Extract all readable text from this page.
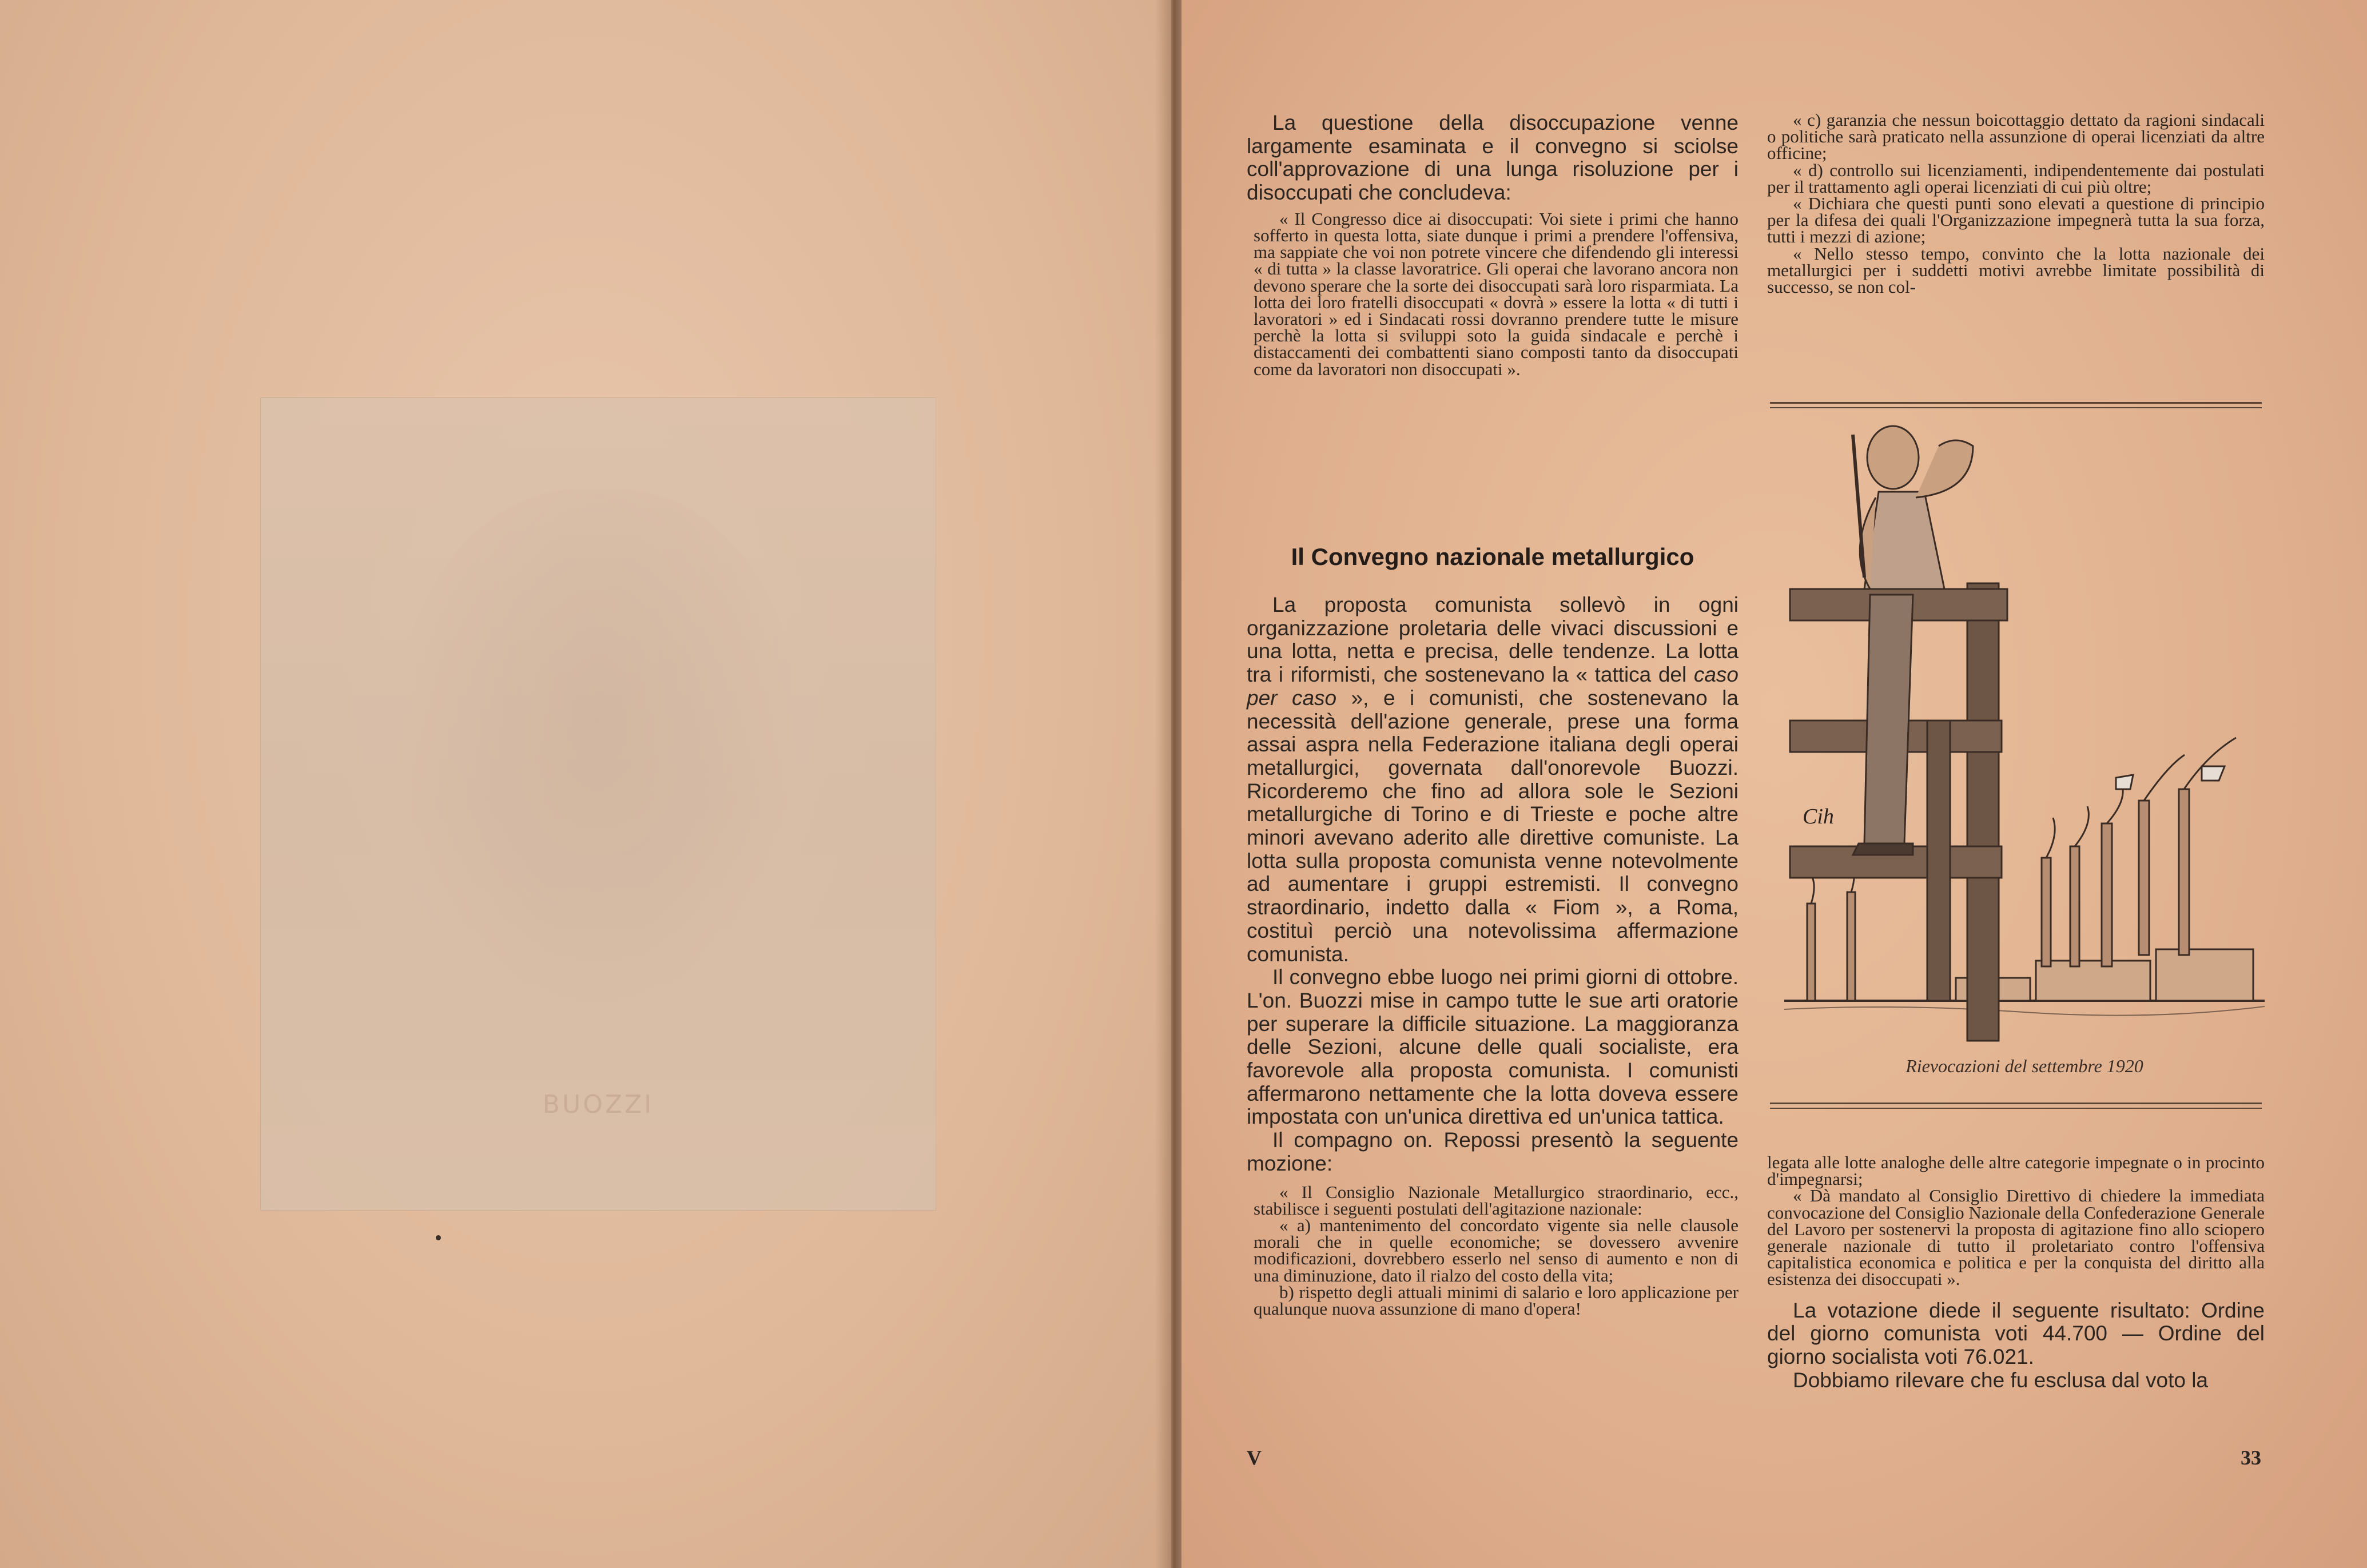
BUOZZI

La questione della disoccupazione venne largamente esaminata e il convegno si sciolse coll'approvazione di una lunga risoluzione per i disoccupati che concludeva:

« Il Congresso dice ai disoccupati: Voi siete i primi che hanno sofferto in questa lotta, siate dunque i primi a prendere l'offensiva, ma sappiate che voi non potrete vincere che difendendo gli interessi « di tutta » la classe lavoratrice. Gli operai che lavorano ancora non devono sperare che la sorte dei disoccupati sarà loro risparmiata. La lotta dei loro fratelli disoccupati « dovrà » essere la lotta « di tutti i lavoratori » ed i Sindacati rossi dovranno prendere tutte le misure perchè la lotta si sviluppi soto la guida sindacale e perchè i distaccamenti dei combattenti siano composti tanto da disoccupati come da lavoratori non disoccupati ».

Il Convegno nazionale metallurgico

La proposta comunista sollevò in ogni organizzazione proletaria delle vivaci discussioni e una lotta, netta e precisa, delle tendenze. La lotta tra i riformisti, che sostenevano la « tattica del caso per caso », e i comunisti, che sostenevano la necessità dell'azione generale, prese una forma assai aspra nella Federazione italiana degli operai metallurgici, governata dall'onorevole Buozzi. Ricorderemo che fino ad allora sole le Sezioni metallurgiche di Torino e di Trieste e poche altre minori avevano aderito alle direttive comuniste. La lotta sulla proposta comunista venne notevolmente ad aumentare i gruppi estremisti. Il convegno straordinario, indetto dalla « Fiom », a Roma, costituì perciò una notevolissima affermazione comunista.

Il convegno ebbe luogo nei primi giorni di ottobre. L'on. Buozzi mise in campo tutte le sue arti oratorie per superare la difficile situazione. La maggioranza delle Sezioni, alcune delle quali socialiste, era favorevole alla proposta comunista. I comunisti affermarono nettamente che la lotta doveva essere impostata con un'unica direttiva ed un'unica tattica.

Il compagno on. Repossi presentò la seguente mozione:

« Il Consiglio Nazionale Metallurgico straordinario, ecc., stabilisce i seguenti postulati dell'agitazione nazionale:

« a) mantenimento del concordato vigente sia nelle clausole morali che in quelle economiche; se dovessero avvenire modificazioni, dovrebbero esserlo nel senso di aumento e non di una diminuzione, dato il rialzo del costo della vita;

b) rispetto degli attuali minimi di salario e loro applicazione per qualunque nuova assunzione di mano d'opera!

« c) garanzia che nessun boicottaggio dettato da ragioni sindacali o politiche sarà praticato nella assunzione di operai licenziati da altre officine;

« d) controllo sui licenziamenti, indipendentemente dai postulati per il trattamento agli operai licenziati di cui più oltre;

« Dichiara che questi punti sono elevati a questione di principio per la difesa dei quali l'Organizzazione impegnerà tutta la sua forza, tutti i mezzi di azione;

« Nello stesso tempo, convinto che la lotta nazionale dei metallurgici per i suddetti motivi avrebbe limitate possibilità di successo, se non col-

Cih
Rievocazioni del settembre 1920

legata alle lotte analoghe delle altre categorie impegnate o in procinto d'impegnarsi;

« Dà mandato al Consiglio Direttivo di chiedere la immediata convocazione del Consiglio Nazionale della Confederazione Generale del Lavoro per sostenervi la proposta di agitazione fino allo sciopero generale nazionale di tutto il proletariato contro l'offensiva capitalistica economica e politica e per la conquista del diritto alla esistenza dei disoccupati ».

La votazione diede il seguente risultato: Ordine del giorno comunista voti 44.700 — Ordine del giorno socialista voti 76.021.

Dobbiamo rilevare che fu esclusa dal voto la

V	33
